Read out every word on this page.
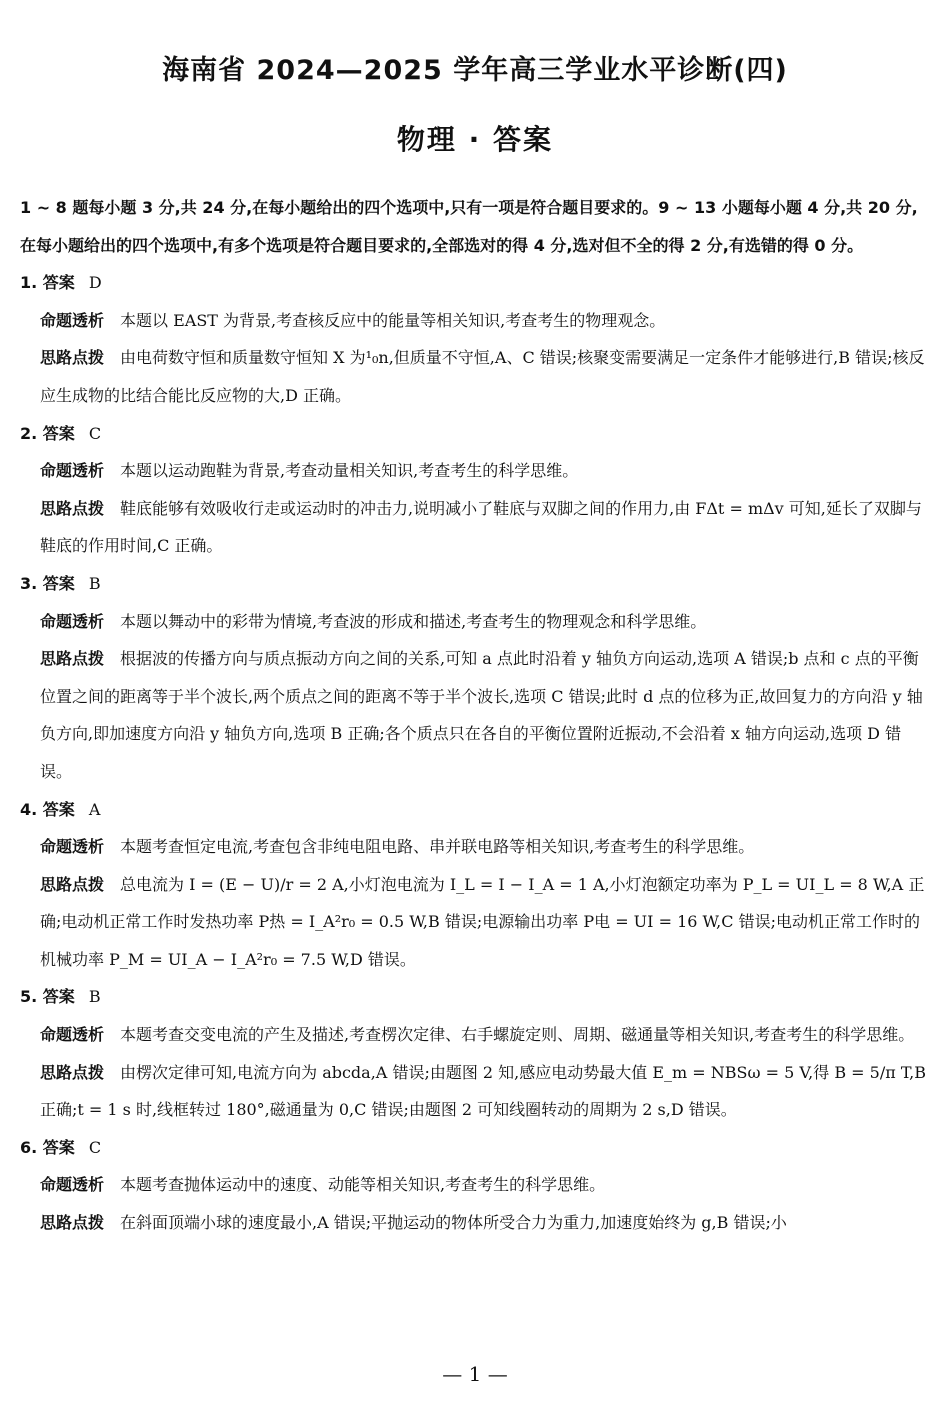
海南省 2024—2025 学年高三学业水平诊断(四)
物理 · 答案
1 ~ 8 题每小题 3 分,共 24 分,在每小题给出的四个选项中,只有一项是符合题目要求的。9 ~ 13 小题每小题 4 分,共 20 分,在每小题给出的四个选项中,有多个选项是符合题目要求的,全部选对的得 4 分,选对但不全的得 2 分,有选错的得 0 分。
1. 答案 D
命题透析 本题以 EAST 为背景,考查核反应中的能量等相关知识,考查考生的物理观念。
思路点拨 由电荷数守恒和质量数守恒知 X 为¹₀n,但质量不守恒,A、C 错误;核聚变需要满足一定条件才能够进行,B 错误;核反应生成物的比结合能比反应物的大,D 正确。
2. 答案 C
命题透析 本题以运动跑鞋为背景,考查动量相关知识,考查考生的科学思维。
思路点拨 鞋底能够有效吸收行走或运动时的冲击力,说明减小了鞋底与双脚之间的作用力,由 FΔt = mΔv 可知,延长了双脚与鞋底的作用时间,C 正确。
3. 答案 B
命题透析 本题以舞动中的彩带为情境,考查波的形成和描述,考查考生的物理观念和科学思维。
思路点拨 根据波的传播方向与质点振动方向之间的关系,可知 a 点此时沿着 y 轴负方向运动,选项 A 错误;b 点和 c 点的平衡位置之间的距离等于半个波长,两个质点之间的距离不等于半个波长,选项 C 错误;此时 d 点的位移为正,故回复力的方向沿 y 轴负方向,即加速度方向沿 y 轴负方向,选项 B 正确;各个质点只在各自的平衡位置附近振动,不会沿着 x 轴方向运动,选项 D 错误。
4. 答案 A
命题透析 本题考查恒定电流,考查包含非纯电阻电路、串并联电路等相关知识,考查考生的科学思维。
思路点拨 总电流为 I = (E − U)/r = 2 A,小灯泡电流为 I_L = I − I_A = 1 A,小灯泡额定功率为 P_L = UI_L = 8 W,A 正确;电动机正常工作时发热功率 P热 = I_A²r₀ = 0.5 W,B 错误;电源输出功率 P电 = UI = 16 W,C 错误;电动机正常工作时的机械功率 P_M = UI_A − I_A²r₀ = 7.5 W,D 错误。
5. 答案 B
命题透析 本题考查交变电流的产生及描述,考查楞次定律、右手螺旋定则、周期、磁通量等相关知识,考查考生的科学思维。
思路点拨 由楞次定律可知,电流方向为 abcda,A 错误;由题图 2 知,感应电动势最大值 E_m = NBSω = 5 V,得 B = 5/π T,B 正确;t = 1 s 时,线框转过 180°,磁通量为 0,C 错误;由题图 2 可知线圈转动的周期为 2 s,D 错误。
6. 答案 C
命题透析 本题考查抛体运动中的速度、动能等相关知识,考查考生的科学思维。
思路点拨 在斜面顶端小球的速度最小,A 错误;平抛运动的物体所受合力为重力,加速度始终为 g,B 错误;小
— 1 —
